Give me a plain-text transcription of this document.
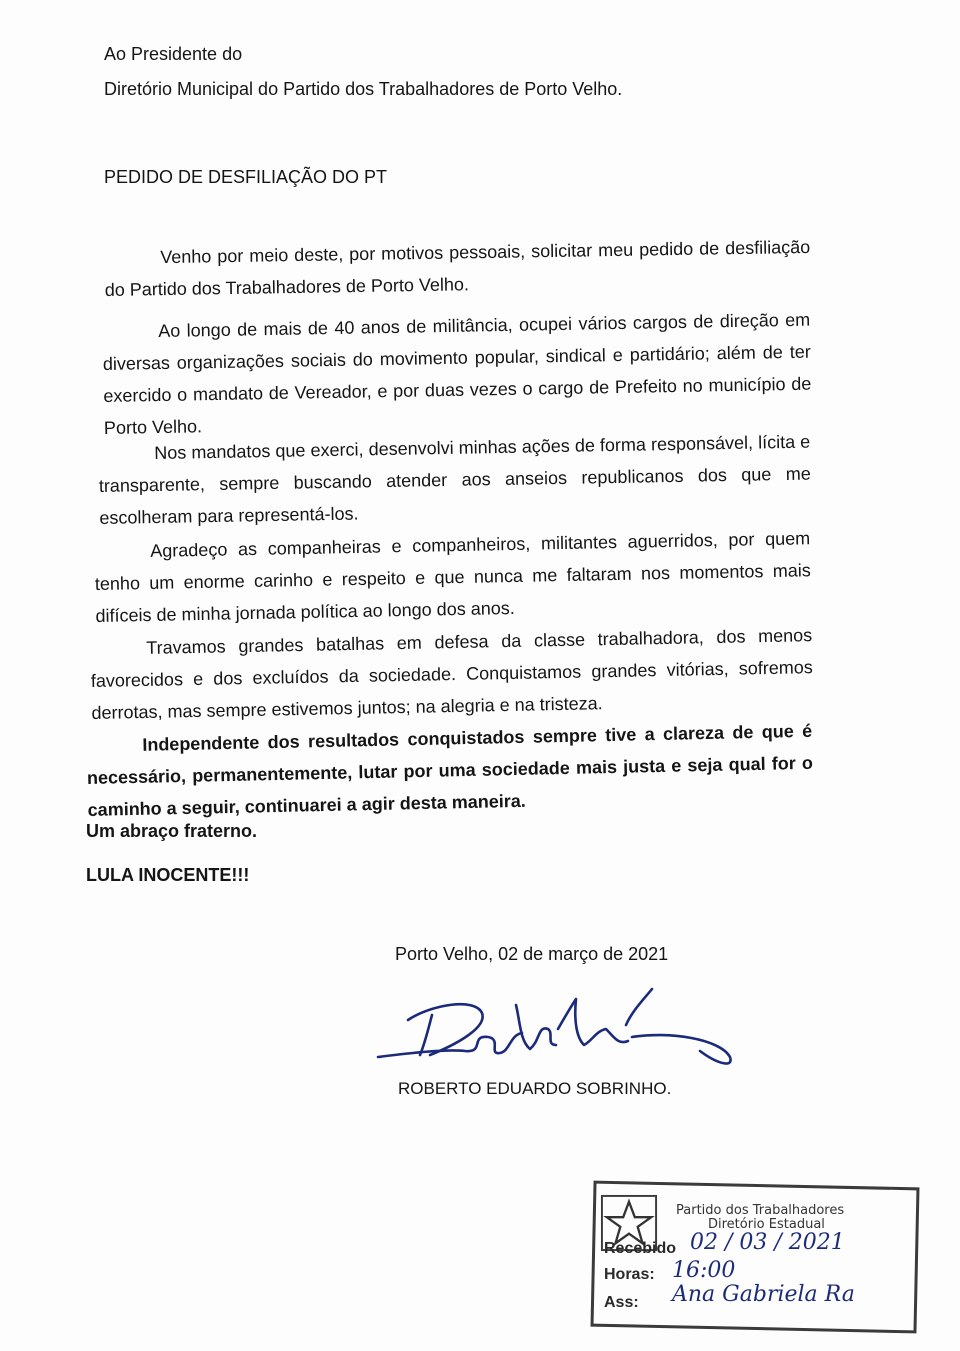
Ao Presidente do
Diretório Municipal do Partido dos Trabalhadores de Porto Velho.
PEDIDO DE DESFILIAÇÃO DO PT
Venho por meio deste, por motivos pessoais, solicitar meu pedido de desfiliação do Partido dos Trabalhadores de Porto Velho.
Ao longo de mais de 40 anos de militância, ocupei vários cargos de direção em diversas organizações sociais do movimento popular, sindical e partidário; além de ter exercido o mandato de Vereador, e por duas vezes o cargo de Prefeito no município de Porto Velho.
Nos mandatos que exerci, desenvolvi minhas ações de forma responsável, lícita e transparente, sempre buscando atender aos anseios republicanos dos que me escolheram para representá-los.
Agradeço as companheiras e companheiros, militantes aguerridos, por quem tenho um enorme carinho e respeito e que nunca me faltaram nos momentos mais difíceis de minha jornada política ao longo dos anos.
Travamos grandes batalhas em defesa da classe trabalhadora, dos menos favorecidos e dos excluídos da sociedade. Conquistamos grandes vitórias, sofremos derrotas, mas sempre estivemos juntos; na alegria e na tristeza.
Independente dos resultados conquistados sempre tive a clareza de que é necessário, permanentemente, lutar por uma sociedade mais justa e seja qual for o caminho a seguir, continuarei a agir desta maneira.
Um abraço fraterno.
LULA INOCENTE!!!
Porto Velho, 02 de março de 2021
ROBERTO EDUARDO SOBRINHO.
Partido dos Trabalhadores
Diretório Estadual
Recebido 02 / 03 / 2021
Horas: 16:00
Ass: Ana Gabriela Ra
